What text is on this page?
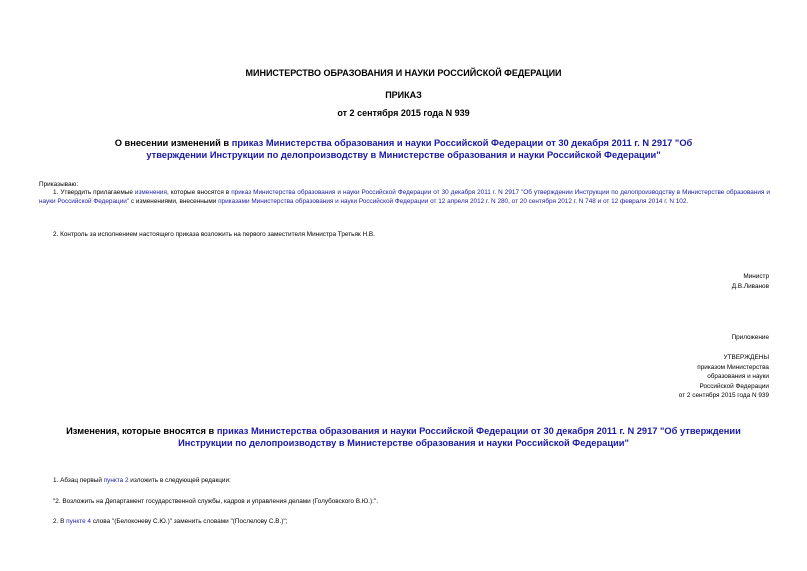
МИНИСТЕРСТВО ОБРАЗОВАНИЯ И НАУКИ РОССИЙСКОЙ ФЕДЕРАЦИИ
ПРИКАЗ
от 2 сентября 2015 года N 939
О внесении изменений в приказ Министерства образования и науки Российской Федерации от 30 декабря 2011 г. N 2917 "Об утверждении Инструкции по делопроизводству в Министерстве образования и науки Российской Федерации"
Приказываю:
1. Утвердить прилагаемые изменения, которые вносятся в приказ Министерства образования и науки Российской Федерации от 30 декабря 2011 г. N 2917 "Об утверждении Инструкции по делопроизводству в Министерстве образования и науки Российской Федерации" с изменениями, внесенными приказами Министерства образования и науки Российской Федерации от 12 апреля 2012 г. N 280, от 20 сентября 2012 г. N 748 и от 12 февраля 2014 г. N 102.
2. Контроль за исполнением настоящего приказа возложить на первого заместителя Министра Третьяк Н.В.
Министр
Д.В.Ливанов
Приложение
УТВЕРЖДЕНЫ
приказом Министерства
образования и науки
Российской Федерации
от 2 сентября 2015 года N 939
Изменения, которые вносятся в приказ Министерства образования и науки Российской Федерации от 30 декабря 2011 г. N 2917 "Об утверждении Инструкции по делопроизводству в Министерстве образования и науки Российской Федерации"
1. Абзац первый пункта 2 изложить в следующей редакции:
"2. Возложить на Департамент государственной службы, кадров и управления делами (Голубовского В.Ю.):".
2. В пункте 4 слова "(Белоконеву С.Ю.)" заменить словами "(Послелову С.В.)";
